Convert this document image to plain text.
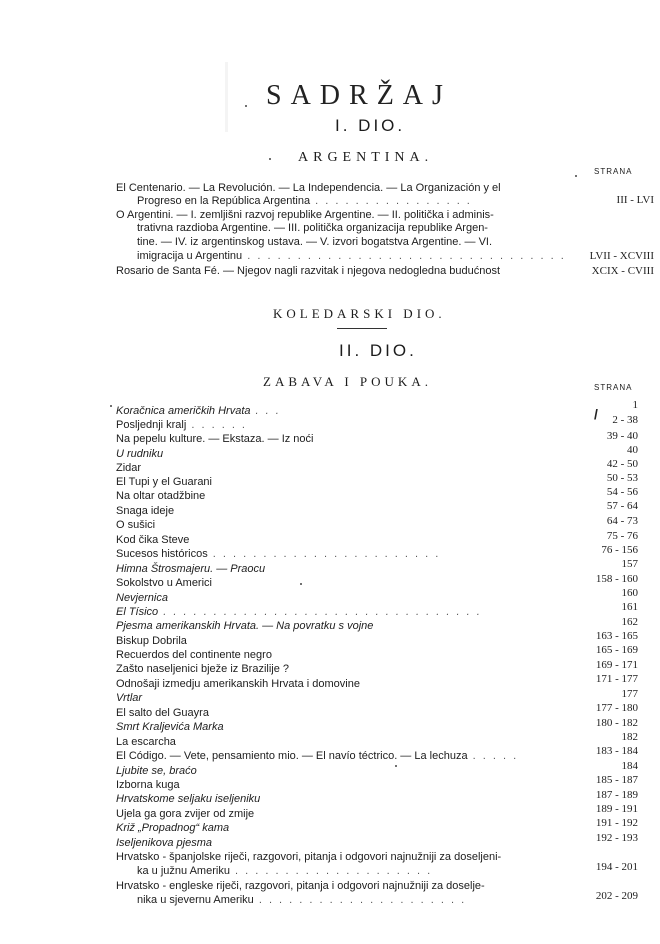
SADRŽAJ
I. DIO.
ARGENTINA.
STRANA
El Centenario. — La Revolución. — La Independencia. — La Organización y el
Progreso en la República Argentina . . . . . . . . . . . . . . . .	III - LVI
O Argentini. — I. zemljišni razvoj republike Argentine. — II. politička i adminis-
trativna razdioba Argentine. — III. politička organizacija republike Argen-
tine. — IV. iz argentinskog ustava. — V. izvori bogatstva Argentine. — VI.
imigracija u Argentinu . . . . . . . . . . . . . . . . . . . . . . . . . . . . . . . .	LVII - XCVIII
Rosario de Santa Fé. — Njegov nagli razvitak i njegova nedogledna budućnost	XCIX - CVIII
KOLEDARSKI DIO.
II. DIO.
ZABAVA I POUKA.	STRANA
Koračnica američkih Hrvata . . .	1
Posljednji kralj . . . . . .	2 - 38
Na pepelu kulture. — Ekstaza. — Iz noći	39 - 40
U rudniku	40
Zidar	42 - 50
El Tupi y el Guarani	50 - 53
Na oltar otadžbine	54 - 56
Snaga ideje	57 - 64
O sušici	64 - 73
Kod čika Steve	75 - 76
Sucesos históricos . . . . . . . . . . . . . . . . . . . . . . .	76 - 156
Himna Štrosmajeru. — Praocu	157
Sokolstvo u Americi	158 - 160
Nevjernica	160
El Tísico . . . . . . . . . . . . . . . . . . . . . . . . . . . . . . . .	161
Pjesma amerikanskih Hrvata. — Na povratku s vojne	162
Biskup Dobrila	163 - 165
Recuerdos del continente negro	165 - 169
Zašto naseljenici bježe iz Brazilije ?	169 - 171
Odnošaji izmedju amerikanskih Hrvata i domovine	171 - 177
Vrtlar	177
El salto del Guayra	177 - 180
Smrt Kraljevića Marka	180 - 182
La escarcha	182
El Código. — Vete, pensamiento mio. — El navío téctrico. — La lechuza . . . . .	183 - 184
Ljubite se, braćo	184
Izborna kuga	185 - 187
Hrvatskome seljaku iseljeniku	187 - 189
Ujela ga gora zvijer od zmije	189 - 191
Križ „Propadnog“ kama	191 - 192
Iseljenikova pjesma	192 - 193
Hrvatsko - španjolske riječi, razgovori, pitanja i odgovori najnužniji za doseljeni-
ka u južnu Ameriku . . . . . . . . . . . . . . . . . . . .	194 - 201
Hrvatsko - engleske riječi, razgovori, pitanja i odgovori najnužniji za doselje-
nika u sjevernu Ameriku . . . . . . . . . . . . . . . . . . . . .	202 - 209
/
